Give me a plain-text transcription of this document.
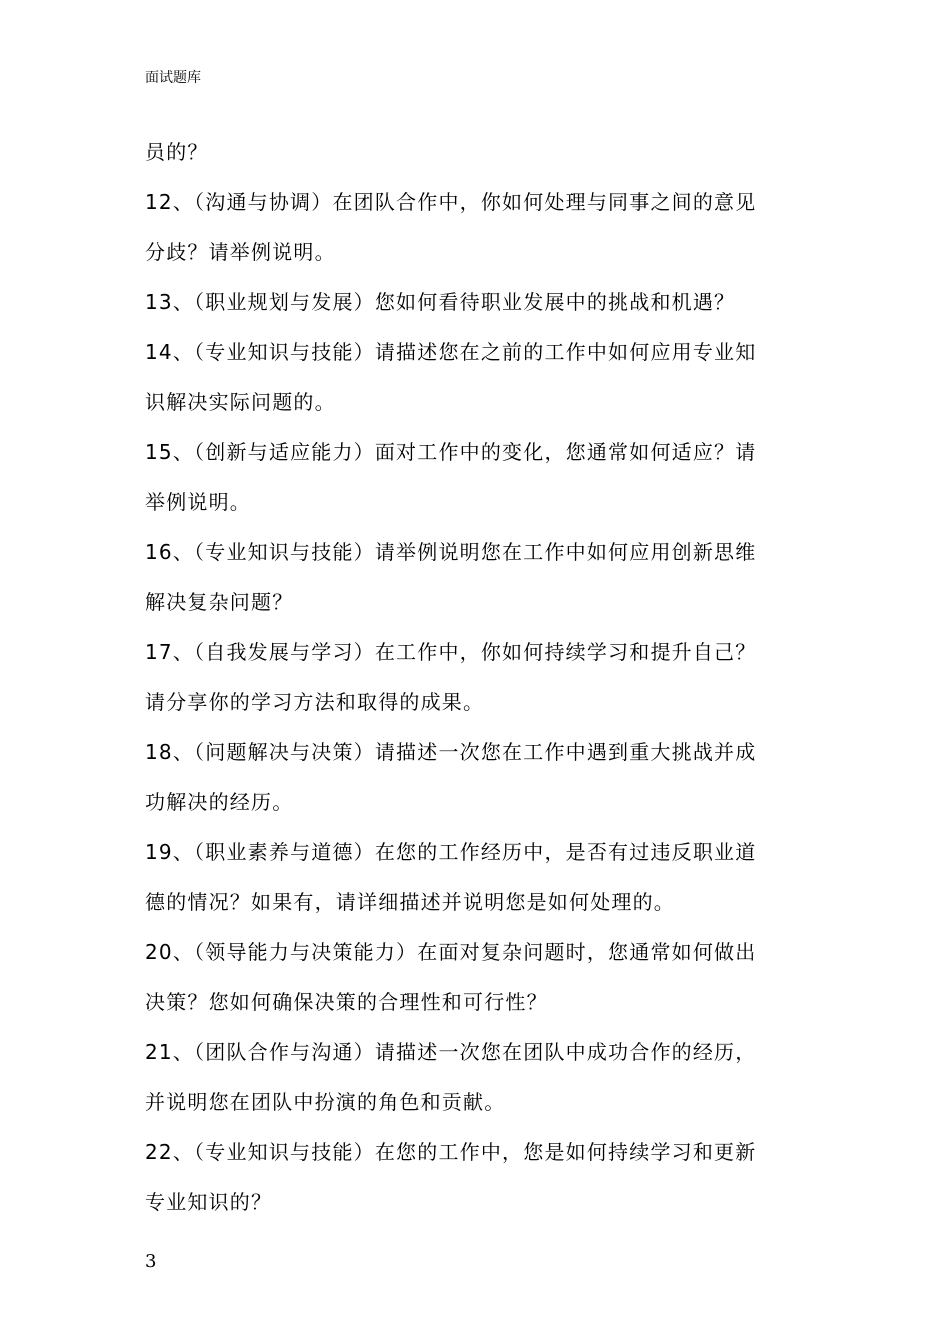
面试题库
员的？
12、（沟通与协调）在团队合作中，你如何处理与同事之间的意见
分歧？请举例说明。
13、（职业规划与发展）您如何看待职业发展中的挑战和机遇？
14、（专业知识与技能）请描述您在之前的工作中如何应用专业知
识解决实际问题的。
15、（创新与适应能力）面对工作中的变化，您通常如何适应？请
举例说明。
16、（专业知识与技能）请举例说明您在工作中如何应用创新思维
解决复杂问题？
17、（自我发展与学习）在工作中，你如何持续学习和提升自己？
请分享你的学习方法和取得的成果。
18、（问题解决与决策）请描述一次您在工作中遇到重大挑战并成
功解决的经历。
19、（职业素养与道德）在您的工作经历中，是否有过违反职业道
德的情况？如果有，请详细描述并说明您是如何处理的。
20、（领导能力与决策能力）在面对复杂问题时，您通常如何做出
决策？您如何确保决策的合理性和可行性？
21、（团队合作与沟通）请描述一次您在团队中成功合作的经历，
并说明您在团队中扮演的角色和贡献。
22、（专业知识与技能）在您的工作中，您是如何持续学习和更新
专业知识的？
3
